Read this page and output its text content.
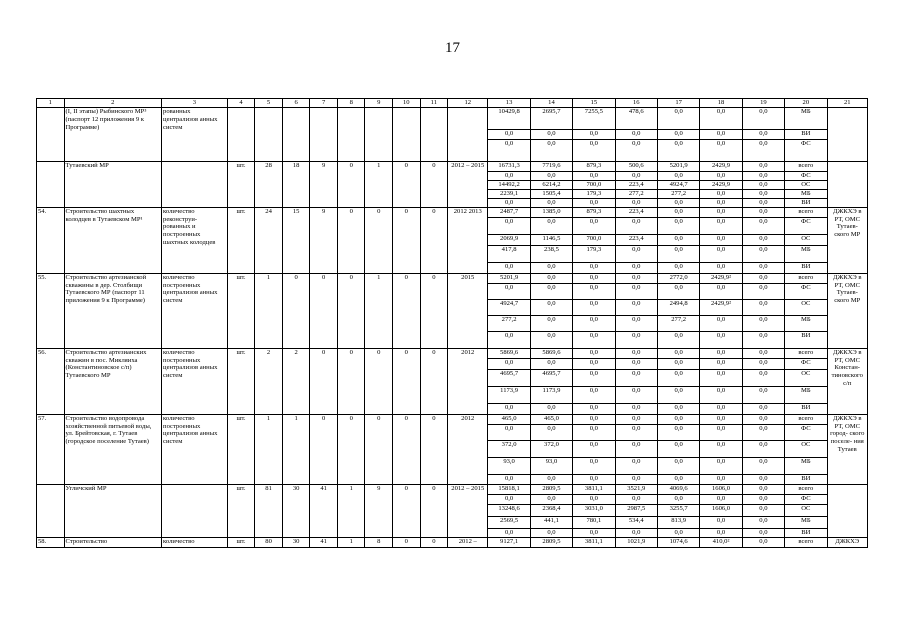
17
1	2	3	4	5	6	7	8	9	10	11	12	13	14	15	16	17	18	19	20	21
	(I, II этапы) Рыбинского МР³ (паспорт 12 приложения 9 к Программе)	рованных централизов анных систем										10429,8	2695,7	7255,5	478,6	0,0	0,0	0,0	МБ	
												0,0	0,0	0,0	0,0	0,0	0,0	0,0	ВИ	
												0,0	0,0	0,0	0,0	0,0	0,0	0,0	ФС	
	Тутаевский МР		шт.	28	18	9	0	1	0	0	2012 – 2015	16731,3	7719,6	879,3	500,6	5201,9	2429,9	0,0	всего	
												0,0	0,0	0,0	0,0	0,0	0,0	0,0	ФС	
												14492,2	6214,2	700,0	223,4	4924,7	2429,9	0,0	ОС	
												2239,1	1505,4	179,3	277,2	277,2	0,0	0,0	МБ	
												0,0	0,0	0,0	0,0	0,0	0,0	0,0	ВИ	
54.	Строительство шахтных колодцев в Тутаевском МР¹	количество реконструи- рованных и построенных шахтных колодцев	шт.	24	15	9	0	0	0	0	2012 2013	2487,7	1385,0	879,3	223,4	0,0	0,0	0,0	всего	ДЖКХЭ в РТ, ОМС Тутаев- ского МР
												0,0	0,0	0,0	0,0	0,0	0,0	0,0	ФС	
												2069,9	1146,5	700,0	223,4	0,0	0,0	0,0	ОС	
												417,8	238,5	179,3	0,0	0,0	0,0	0,0	МБ	
												0,0	0,0	0,0	0,0	0,0	0,0	0,0	ВИ	
55.	Строительство артезианской скважины в дер. Столбищи Тутаевского МР (паспорт 11 приложения 9 к Программе)	количество построенных централизов анных систем	шт.	1	0	0	0	1	0	0	2015	5201,9	0,0	0,0	0,0	2772,0	2429,9²	0,0	всего	ДЖКХЭ в РТ, ОМС Тутаев- ского МР
												0,0	0,0	0,0	0,0	0,0	0,0	0,0	ФС	
												4924,7	0,0	0,0	0,0	2494,8	2429,9²	0,0	ОС	
												277,2	0,0	0,0	0,0	277,2	0,0	0,0	МБ	
												0,0	0,0	0,0	0,0	0,0	0,0	0,0	ВИ	
56.	Строительство артезианских скважин в пос. Микляиха (Константиновское с/п) Тутаевского МР	количество построенных централизов анных систем	шт.	2	2	0	0	0	0	0	2012	5869,6	5869,6	0,0	0,0	0,0	0,0	0,0	всего	ДЖКХЭ в РТ, ОМС Констан- тиновского с/п
												0,0	0,0	0,0	0,0	0,0	0,0	0,0	ФС	
												4695,7	4695,7	0,0	0,0	0,0	0,0	0,0	ОС	
												1173,9	1173,9	0,0	0,0	0,0	0,0	0,0	МБ	
												0,0	0,0	0,0	0,0	0,0	0,0	0,0	ВИ	
57.	Строительство водопровода хозяйственной питьевой воды, ул. Брейтовская, г. Тутаев (городское поселение Тутаев)	количество построенных централизов анных систем	шт.	1	1	0	0	0	0	0	2012	465,0	465,0	0,0	0,0	0,0	0,0	0,0	всего	ДЖКХЭ в РТ, ОМС город- ского поселе- ния Тутаев
												0,0	0,0	0,0	0,0	0,0	0,0	0,0	ФС	
												372,0	372,0	0,0	0,0	0,0	0,0	0,0	ОС	
												93,0	93,0	0,0	0,0	0,0	0,0	0,0	МБ	
												0,0	0,0	0,0	0,0	0,0	0,0	0,0	ВИ	
	Угличский МР		шт.	81	30	41	1	9	0	0	2012 – 2015	15818,1	2809,5	3811,1	3521,9	4069,6	1606,0	0,0	всего	
												0,0	0,0	0,0	0,0	0,0	0,0	0,0	ФС	
												13248,6	2368,4	3031,0	2987,5	3255,7	1606,0	0,0	ОС	
												2569,5	441,1	780,1	534,4	813,9	0,0	0,0	МБ	
												0,0	0,0	0,0	0,0	0,0	0,0	0,0	ВИ	
58.	Строительство	количество	шт.	80	30	41	1	8	0	0	2012 –	9127,1	2809,5	3811,1	1021,9	1074,6	410,0²	0,0	всего	ДЖКХЭ
